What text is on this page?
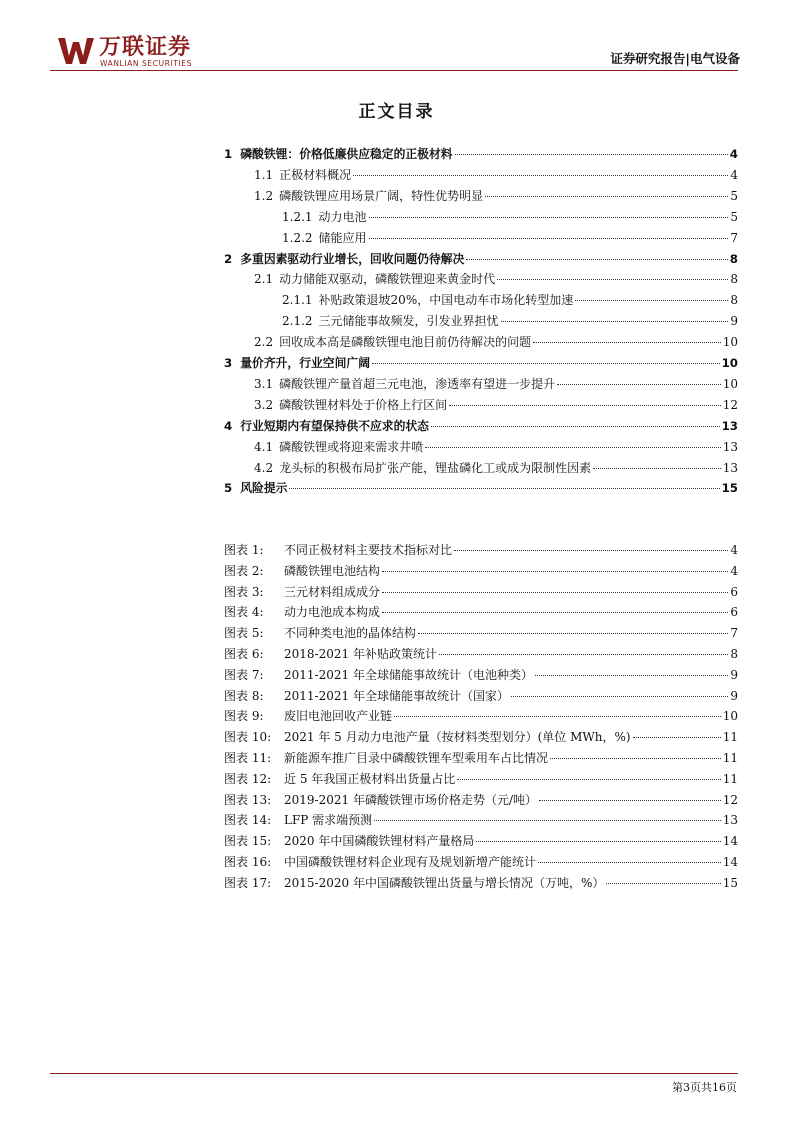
万联证券
WANLIAN SECURITIES	证券研究报告|电气设备
正文目录
1 磷酸铁锂：价格低廉供应稳定的正极材料	4
1.1 正极材料概况	4
1.2 磷酸铁锂应用场景广阔，特性优势明显	5
1.2.1 动力电池	5
1.2.2 储能应用	7
2 多重因素驱动行业增长，回收问题仍待解决	8
2.1 动力储能双驱动，磷酸铁锂迎来黄金时代	8
2.1.1 补贴政策退坡20%，中国电动车市场化转型加速	8
2.1.2 三元储能事故频发，引发业界担忧	9
2.2 回收成本高是磷酸铁锂电池目前仍待解决的问题	10
3 量价齐升，行业空间广阔	10
3.1 磷酸铁锂产量首超三元电池，渗透率有望进一步提升	10
3.2 磷酸铁锂材料处于价格上行区间	12
4 行业短期内有望保持供不应求的状态	13
4.1 磷酸铁锂或将迎来需求井喷	13
4.2 龙头标的积极布局扩张产能，锂盐磷化工或成为限制性因素	13
5 风险提示	15
图表 1:	不同正极材料主要技术指标对比	4
图表 2:	磷酸铁锂电池结构	4
图表 3:	三元材料组成成分	6
图表 4:	动力电池成本构成	6
图表 5:	不同种类电池的晶体结构	7
图表 6:	2018-2021 年补贴政策统计	8
图表 7:	2011-2021 年全球储能事故统计（电池种类）	9
图表 8:	2011-2021 年全球储能事故统计（国家）	9
图表 9:	废旧电池回收产业链	10
图表 10:	2021 年 5 月动力电池产量（按材料类型划分）(单位 MWh，%)	11
图表 11:	新能源车推广目录中磷酸铁锂车型乘用车占比情况	11
图表 12:	近 5 年我国正极材料出货量占比	11
图表 13:	2019-2021 年磷酸铁锂市场价格走势（元/吨）	12
图表 14:	LFP 需求端预测	13
图表 15:	2020 年中国磷酸铁锂材料产量格局	14
图表 16:	中国磷酸铁锂材料企业现有及规划新增产能统计	14
图表 17:	2015-2020 年中国磷酸铁锂出货量与增长情况（万吨，%）	15
第3页共16页
